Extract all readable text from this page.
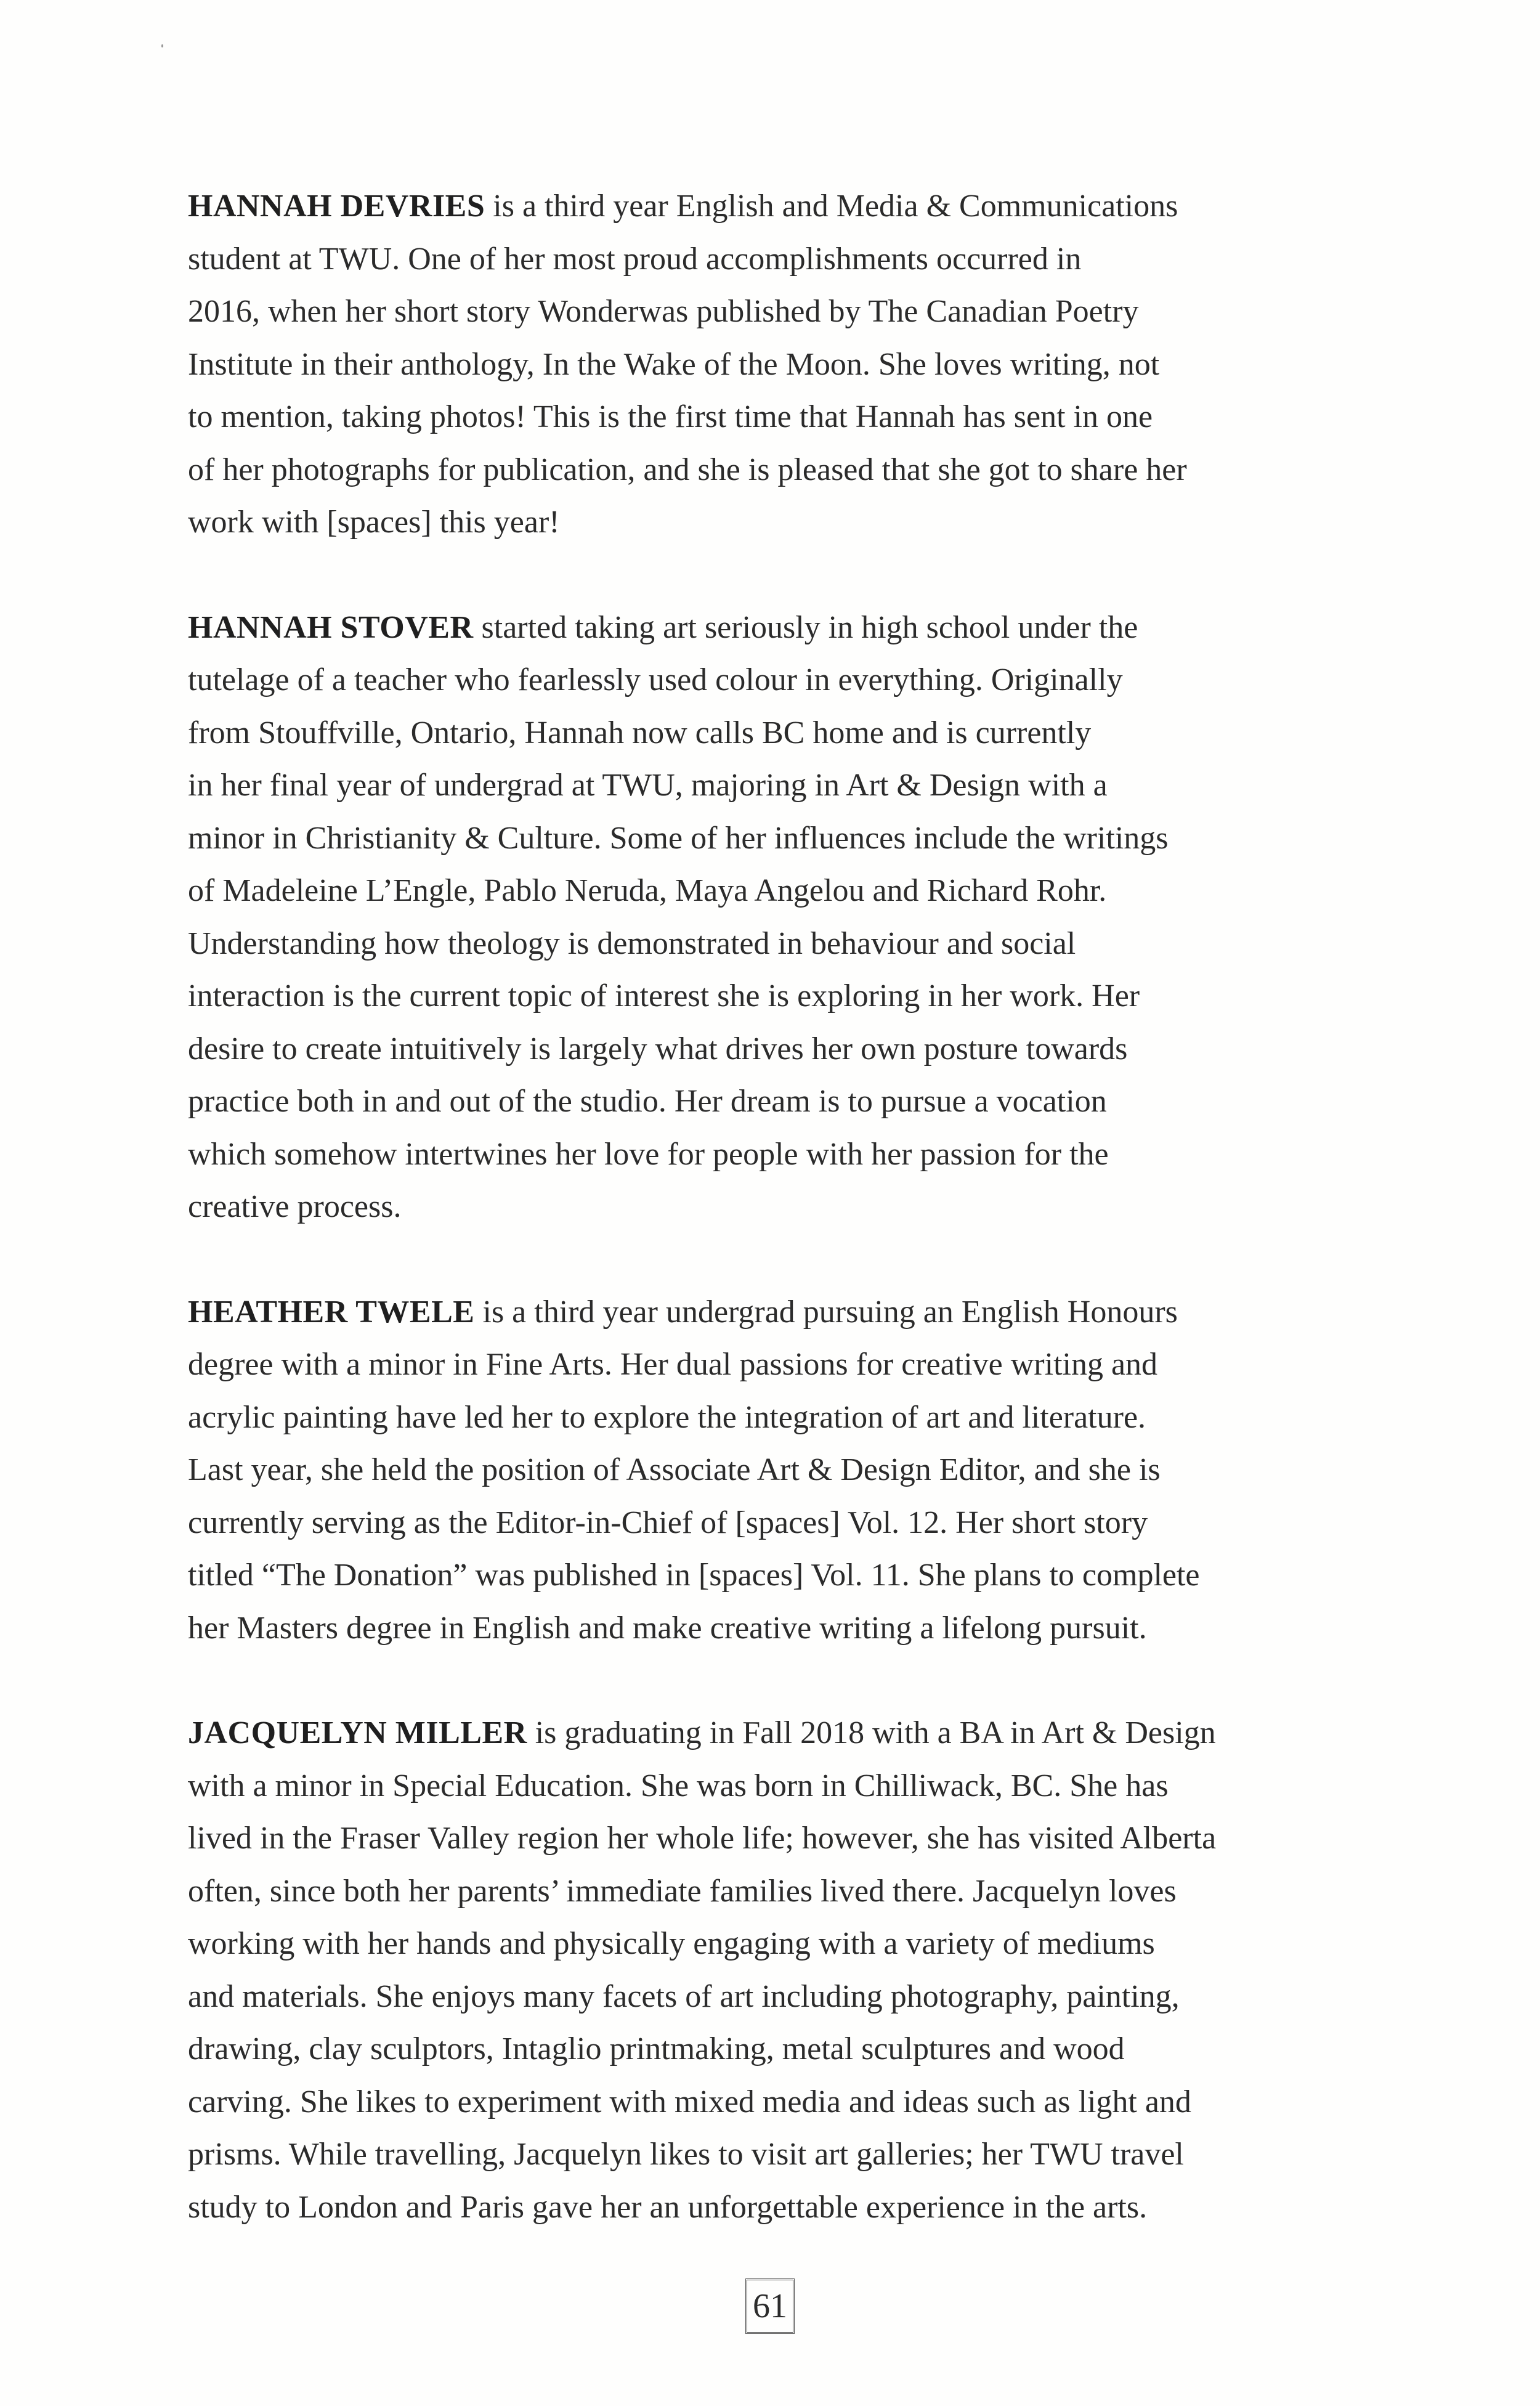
HANNAH DEVRIES is a third year English and Media & Communications
student at TWU. One of her most proud accomplishments occurred in
2016, when her short story Wonderwas published by The Canadian Poetry
Institute in their anthology, In the Wake of the Moon. She loves writing, not
to mention, taking photos! This is the first time that Hannah has sent in one
of her photographs for publication, and she is pleased that she got to share her
work with [spaces] this year!

HANNAH STOVER started taking art seriously in high school under the
tutelage of a teacher who fearlessly used colour in everything. Originally
from Stouffville, Ontario, Hannah now calls BC home and is currently
in her final year of undergrad at TWU, majoring in Art & Design with a
minor in Christianity & Culture. Some of her influences include the writings
of Madeleine L’Engle, Pablo Neruda, Maya Angelou and Richard Rohr.
Understanding how theology is demonstrated in behaviour and social
interaction is the current topic of interest she is exploring in her work. Her
desire to create intuitively is largely what drives her own posture towards
practice both in and out of the studio. Her dream is to pursue a vocation
which somehow intertwines her love for people with her passion for the
creative process.

HEATHER TWELE is a third year undergrad pursuing an English Honours
degree with a minor in Fine Arts. Her dual passions for creative writing and
acrylic painting have led her to explore the integration of art and literature.
Last year, she held the position of Associate Art & Design Editor, and she is
currently serving as the Editor-in-Chief of [spaces] Vol. 12. Her short story
titled “The Donation” was published in [spaces] Vol. 11. She plans to complete
her Masters degree in English and make creative writing a lifelong pursuit.

JACQUELYN MILLER is graduating in Fall 2018 with a BA in Art & Design
with a minor in Special Education. She was born in Chilliwack, BC. She has
lived in the Fraser Valley region her whole life; however, she has visited Alberta
often, since both her parents’ immediate families lived there. Jacquelyn loves
working with her hands and physically engaging with a variety of mediums
and materials. She enjoys many facets of art including photography, painting,
drawing, clay sculptors, Intaglio printmaking, metal sculptures and wood
carving. She likes to experiment with mixed media and ideas such as light and
prisms. While travelling, Jacquelyn likes to visit art galleries; her TWU travel
study to London and Paris gave her an unforgettable experience in the arts.

61
